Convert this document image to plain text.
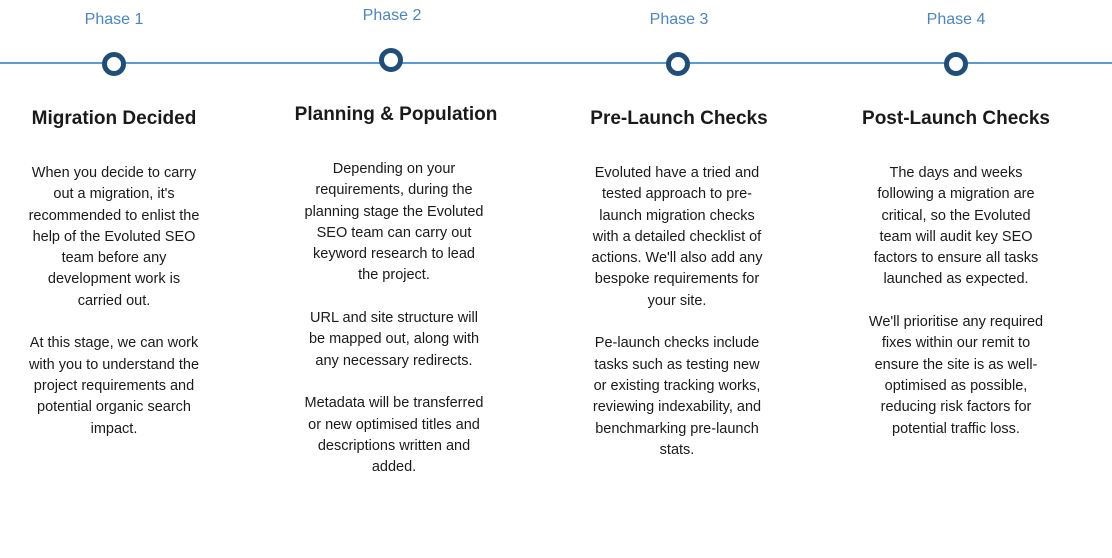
Phase 1
Migration Decided

When you decide to carry out a migration, it's recommended to enlist the help of the Evoluted SEO team before any development work is carried out.

At this stage, we can work with you to understand the project requirements and potential organic search impact.

Phase 2
Planning & Population

Depending on your requirements, during the planning stage the Evoluted SEO team can carry out keyword research to lead the project.

URL and site structure will be mapped out, along with any necessary redirects.

Metadata will be transferred or new optimised titles and descriptions written and added.

Phase 3
Pre-Launch Checks

Evoluted have a tried and tested approach to pre-launch migration checks with a detailed checklist of actions. We'll also add any bespoke requirements for your site.

Pe-launch checks include tasks such as testing new or existing tracking works, reviewing indexability, and benchmarking pre-launch stats.

Phase 4
Post-Launch Checks

The days and weeks following a migration are critical, so the Evoluted team will audit key SEO factors to ensure all tasks launched as expected.

We'll prioritise any required fixes within our remit to ensure the site is as well-optimised as possible, reducing risk factors for potential traffic loss.
